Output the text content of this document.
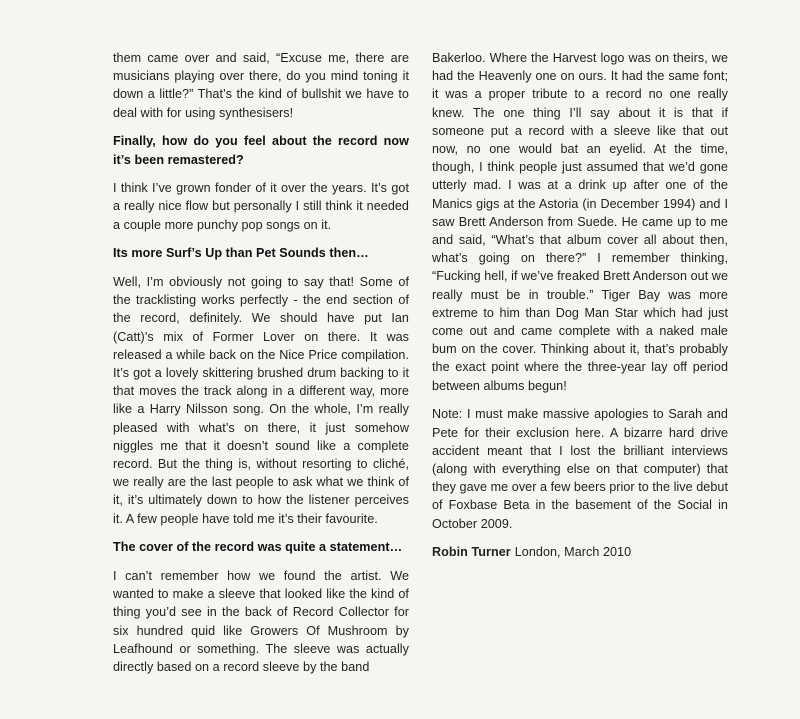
them came over and said, “Excuse me, there are musicians playing over there, do you mind toning it down a little?” That’s the kind of bullshit we have to deal with for using synthesisers!

Finally, how do you feel about the record now it’s been remastered?

I think I’ve grown fonder of it over the years. It’s got a really nice flow but personally I still think it needed a couple more punchy pop songs on it.

Its more Surf’s Up than Pet Sounds then…

Well, I’m obviously not going to say that! Some of the tracklisting works perfectly - the end section of the record, definitely. We should have put Ian (Catt)’s mix of Former Lover on there. It was released a while back on the Nice Price compilation. It’s got a lovely skittering brushed drum backing to it that moves the track along in a different way, more like a Harry Nilsson song. On the whole, I’m really pleased with what’s on there, it just somehow niggles me that it doesn’t sound like a complete record. But the thing is, without resorting to cliché, we really are the last people to ask what we think of it, it’s ultimately down to how the listener perceives it. A few people have told me it’s their favourite.

The cover of the record was quite a statement…

I can’t remember how we found the artist. We wanted to make a sleeve that looked like the kind of thing you’d see in the back of Record Collector for six hundred quid like Growers Of Mushroom by Leafhound or something. The sleeve was actually directly based on a record sleeve by the band

Bakerloo. Where the Harvest logo was on theirs, we had the Heavenly one on ours. It had the same font; it was a proper tribute to a record no one really knew. The one thing I’ll say about it is that if someone put a record with a sleeve like that out now, no one would bat an eyelid. At the time, though, I think people just assumed that we’d gone utterly mad. I was at a drink up after one of the Manics gigs at the Astoria (in December 1994) and I saw Brett Anderson from Suede. He came up to me and said, “What’s that album cover all about then, what’s going on there?” I remember thinking, “Fucking hell, if we’ve freaked Brett Anderson out we really must be in trouble.” Tiger Bay was more extreme to him than Dog Man Star which had just come out and came complete with a naked male bum on the cover. Thinking about it, that’s probably the exact point where the three-year lay off period between albums begun!

Note: I must make massive apologies to Sarah and Pete for their exclusion here. A bizarre hard drive accident meant that I lost the brilliant interviews (along with everything else on that computer) that they gave me over a few beers prior to the live debut of Foxbase Beta in the basement of the Social in October 2009.

Robin Turner London, March 2010
